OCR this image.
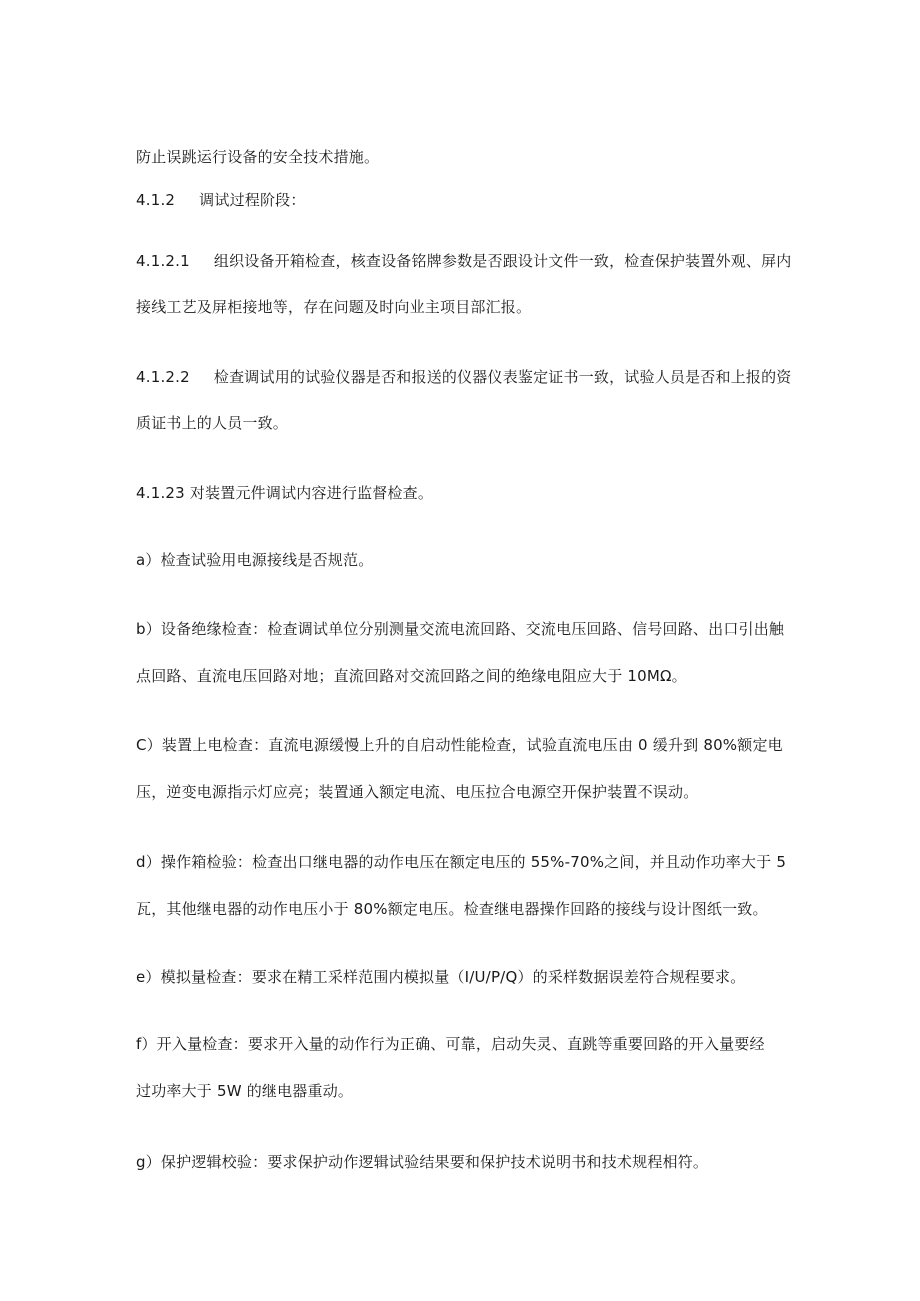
防止误跳运行设备的安全技术措施。
4.1.2 调试过程阶段：
4.1.2.1 组织设备开箱检查，核查设备铭牌参数是否跟设计文件一致，检查保护装置外观、屏内
接线工艺及屏柜接地等，存在问题及时向业主项目部汇报。
4.1.2.2 检查调试用的试验仪器是否和报送的仪器仪表鉴定证书一致，试验人员是否和上报的资
质证书上的人员一致。
4.1.23 对装置元件调试内容进行监督检查。
a）检查试验用电源接线是否规范。
b）设备绝缘检查：检查调试单位分别测量交流电流回路、交流电压回路、信号回路、出口引出触
点回路、直流电压回路对地；直流回路对交流回路之间的绝缘电阻应大于 10MΩ。
C）装置上电检查：直流电源缓慢上升的自启动性能检查，试验直流电压由 0 缓升到 80%额定电
压，逆变电源指示灯应亮；装置通入额定电流、电压拉合电源空开保护装置不误动。
d）操作箱检验：检查出口继电器的动作电压在额定电压的 55%-70%之间，并且动作功率大于 5
瓦，其他继电器的动作电压小于 80%额定电压。检查继电器操作回路的接线与设计图纸一致。
e）模拟量检查：要求在精工采样范围内模拟量（I/U/P/Q）的采样数据误差符合规程要求。
f）开入量检查：要求开入量的动作行为正确、可靠，启动失灵、直跳等重要回路的开入量要经
过功率大于 5W 的继电器重动。
g）保护逻辑校验：要求保护动作逻辑试验结果要和保护技术说明书和技术规程相符。
